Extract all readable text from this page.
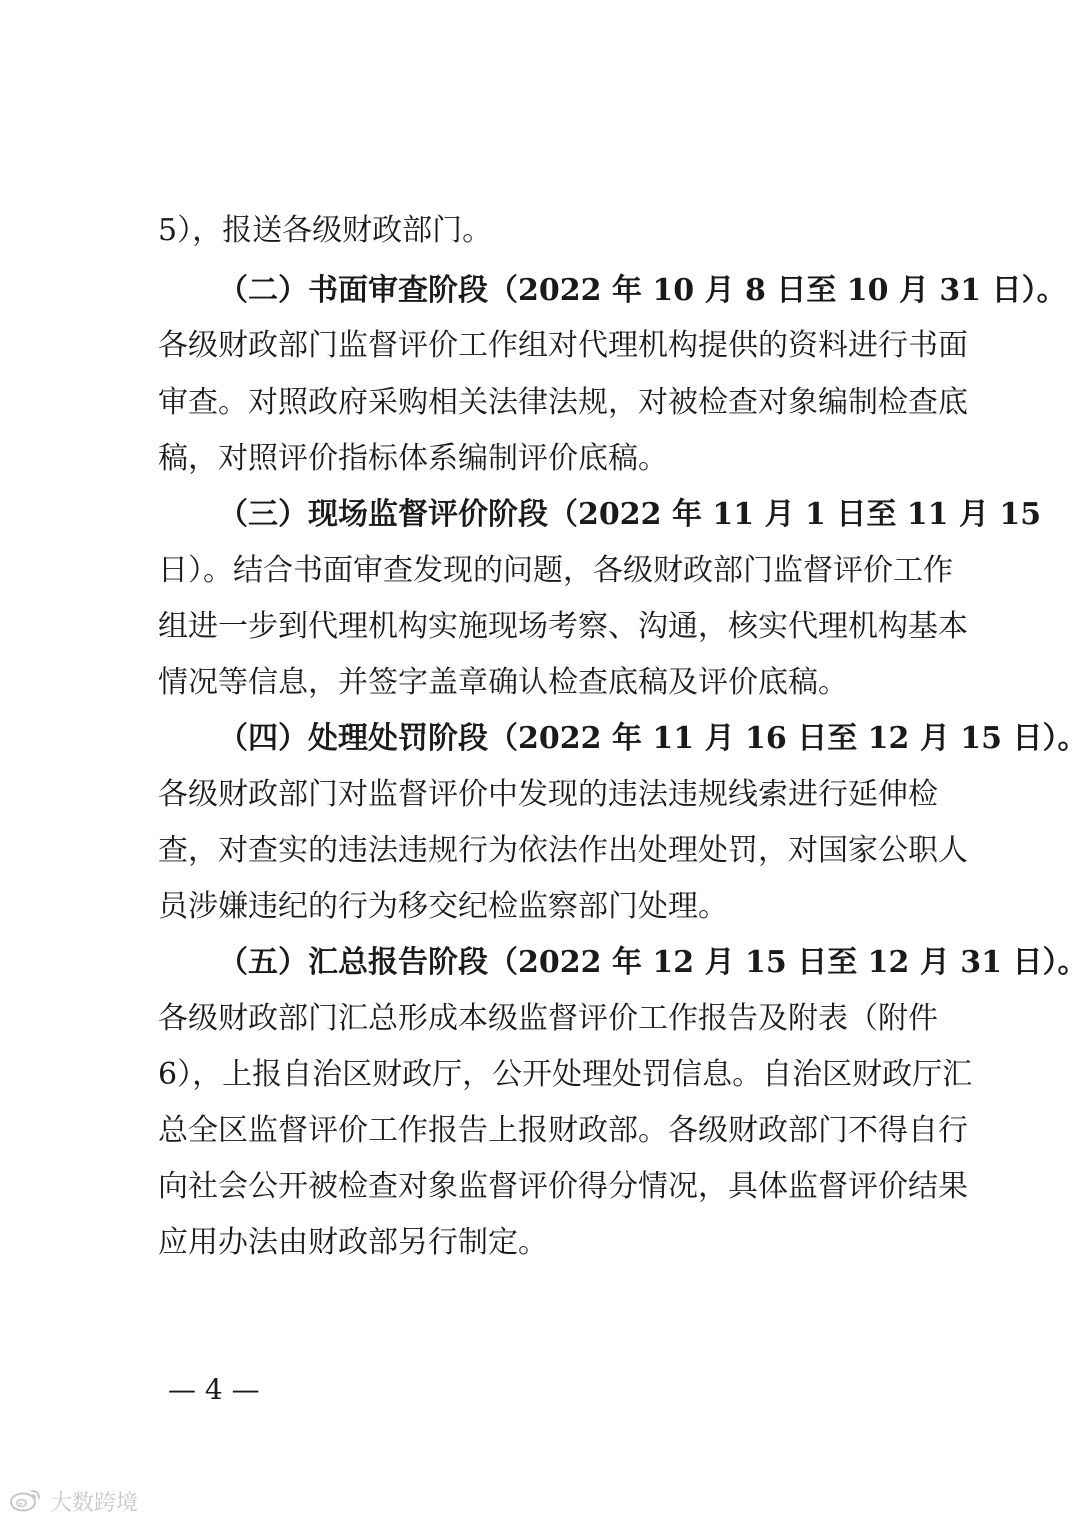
5），报送各级财政部门。
（二）书面审查阶段（2022 年 10 月 8 日至 10 月 31 日）。
各级财政部门监督评价工作组对代理机构提供的资料进行书面
审查。对照政府采购相关法律法规，对被检查对象编制检查底
稿，对照评价指标体系编制评价底稿。
（三）现场监督评价阶段（2022 年 11 月 1 日至 11 月 15
日）。结合书面审查发现的问题，各级财政部门监督评价工作
组进一步到代理机构实施现场考察、沟通，核实代理机构基本
情况等信息，并签字盖章确认检查底稿及评价底稿。
（四）处理处罚阶段（2022 年 11 月 16 日至 12 月 15 日）。
各级财政部门对监督评价中发现的违法违规线索进行延伸检
查，对查实的违法违规行为依法作出处理处罚，对国家公职人
员涉嫌违纪的行为移交纪检监察部门处理。
（五）汇总报告阶段（2022 年 12 月 15 日至 12 月 31 日）。
各级财政部门汇总形成本级监督评价工作报告及附表（附件
6），上报自治区财政厅，公开处理处罚信息。自治区财政厅汇
总全区监督评价工作报告上报财政部。各级财政部门不得自行
向社会公开被检查对象监督评价得分情况，具体监督评价结果
应用办法由财政部另行制定。
— 4 —
大数跨境
